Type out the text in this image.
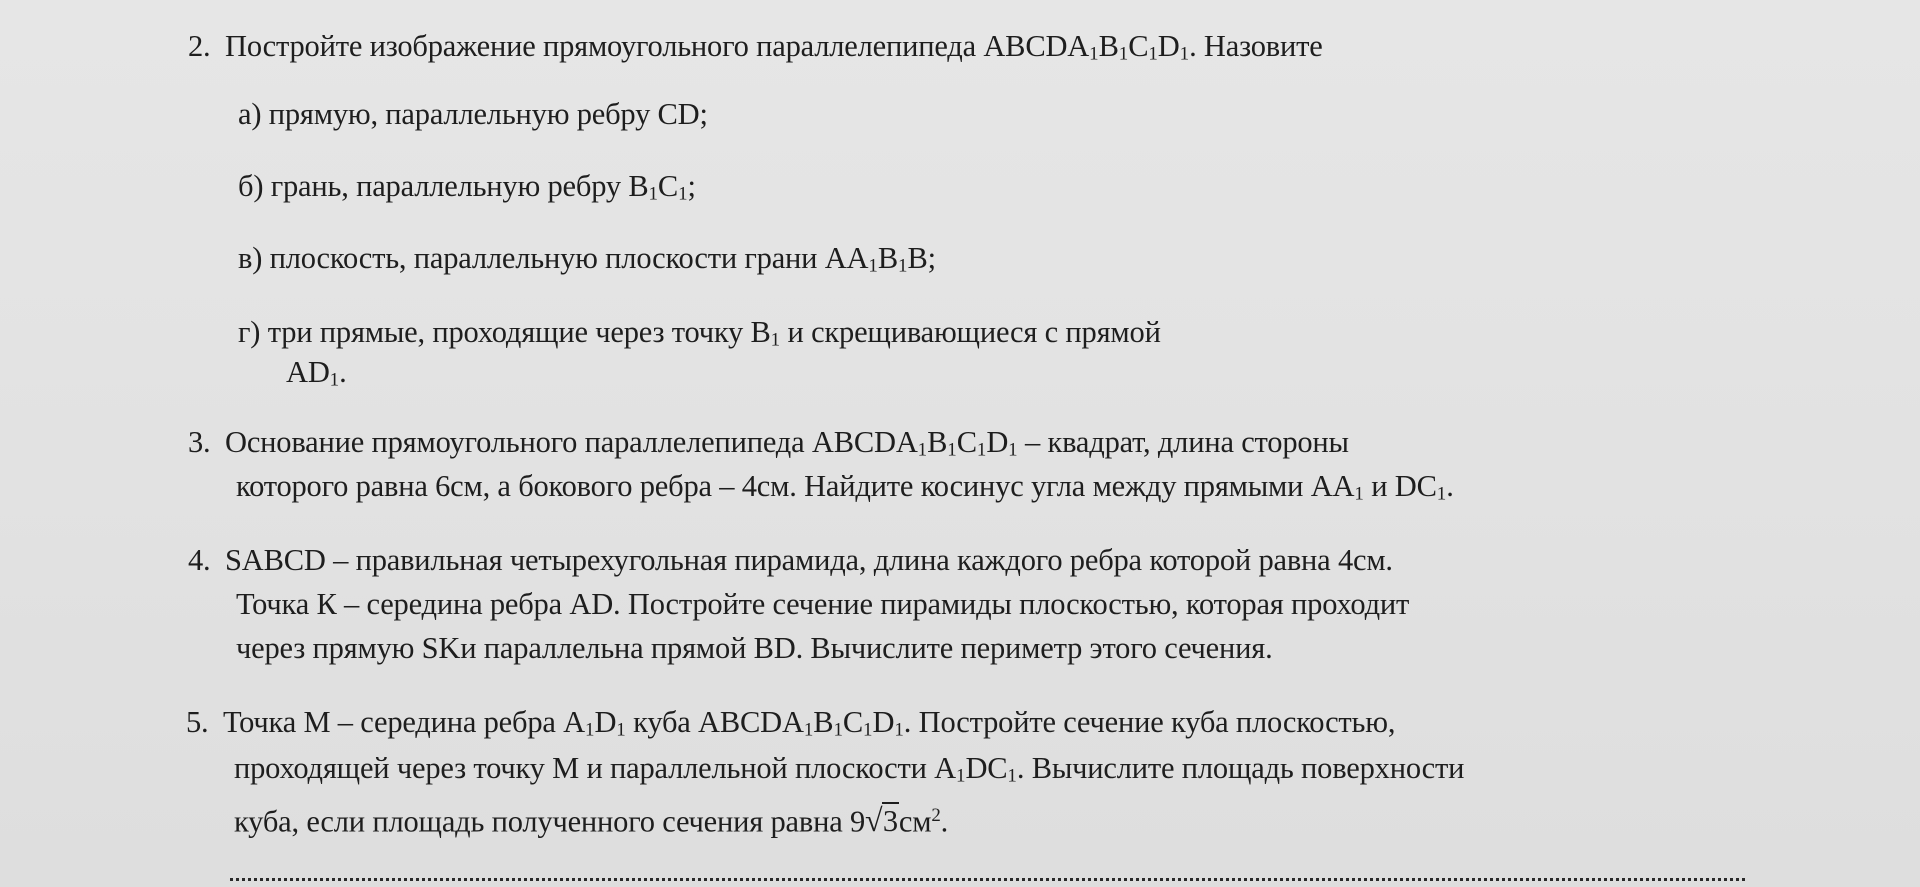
2. Постройте изображение прямоугольного параллелепипеда ABCDA1B1C1D1. Назовите
а) прямую, параллельную ребру CD;
б) грань, параллельную ребру B1C1;
в) плоскость, параллельную плоскости грани AA1B1B;
г) три прямые, проходящие через точку B1 и скрещивающиеся с прямой
AD1.
3. Основание прямоугольного параллелепипеда ABCDA1B1C1D1 – квадрат, длина стороны
которого равна 6см, а бокового ребра – 4см. Найдите косинус угла между прямыми AA1 и DC1.
4. SABCD – правильная четырехугольная пирамида, длина каждого ребра которой равна 4см.
Точка К – середина ребра AD. Постройте сечение пирамиды плоскостью, которая проходит
через прямую SKи параллельна прямой BD. Вычислите периметр этого сечения.
5. Точка M – середина ребра A1D1 куба ABCDA1B1C1D1. Постройте сечение куба плоскостью,
проходящей через точку M и параллельной плоскости A1DC1. Вычислите площадь поверхности
куба, если площадь полученного сечения равна 9 √ $3см^2$.
